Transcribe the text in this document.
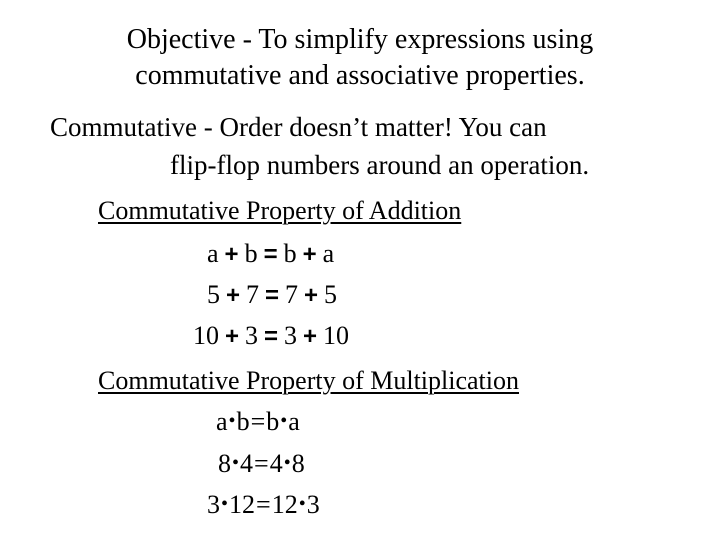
Objective - To simplify expressions using
commutative and associative properties.
Commutative - Order doesn’t matter! You can
flip-flop numbers around an operation.
Commutative Property of Addition
a + b = b + a
5 + 7 = 7 + 5
10 + 3 = 3 + 10
Commutative Property of Multiplication
a • b = b • a
8 • 4 = 4 • 8
3 • 12 = 12 • 3
